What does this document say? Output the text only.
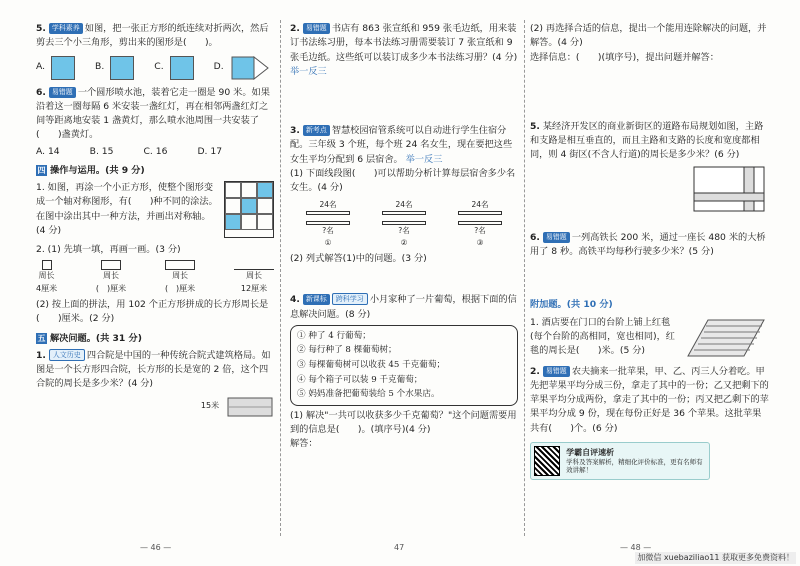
5. 学科素养 如图，把一张正方形的纸连续对折两次，然后剪去三个小三角形，剪出来的图形是(　　)。

A.	B.	C.	D.

6. 易错题 一个圆形喷水池，装着它走一圈是 90 米。如果沿着这一圈每隔 6 米安装一盏红灯，再在相邻两盏红灯之间等距离地安装 1 盏黄灯，那么喷水池周围一共安装了(　　)盏黄灯。

A. 14	B. 15	C. 16	D. 17
四 操作与运用。(共 9 分)

1. 如图，再涂一个小正方形，使整个图形变成一个轴对称图形，有(　　)种不同的涂法。在图中涂出其中一种方法，并画出对称轴。(4 分)

2. (1) 先填一填，再画一画。(3 分)

周长
4厘米
周长
(　)厘米
周长
(　)厘米
周长
12厘米

(2) 按上面的拼法，用 102 个正方形拼成的长方形周长是(　　)厘米。(2 分)

五 解决问题。(共 31 分)

1. 人文历史 四合院是中国的一种传统合院式建筑格局。如图是一个长方形四合院，长方形的长是宽的 2 倍，这个四合院的周长是多少米？(4 分)

15米

2. 易错题 书店有 863 张宣纸和 959 张毛边纸，用来装订书法练习册，每本书法练习册需要装订 7 张宣纸和 9 张毛边纸。这些纸可以装订成多少本书法练习册？(4 分) 举一反三

3. 新考点 智慧校园宿管系统可以自动进行学生住宿分配。三年级 3 个班，每个班 24 名女生，现在要把这些女生平均分配到 6 层宿舍。 举一反三

(1) 下面线段图(　　)可以帮助分析计算每层宿舍多少名女生。(4 分)

24名
?名
①
24名
?名
②
24名
?名
③

(2) 列式解答(1)中的问题。(3 分)

4. 新课标 跨科学习 小月家种了一片葡萄，根据下面的信息解决问题。(8 分)

① 种了 4 行葡萄；
② 每行种了 8 棵葡萄树；
③ 每棵葡萄树可以收获 45 千克葡萄；
④ 每个箱子可以装 9 千克葡萄；
⑤ 妈妈准备把葡萄装给 5 个水果店。

(1) 解决"一共可以收获多少千克葡萄？"这个问题需要用到的信息是(　　)。(填序号)(4 分)

解答：

(2) 再选择合适的信息，提出一个能用连除解决的问题，并解答。(4 分)

选择信息：(　　)(填序号)，提出问题并解答：

5. 某经济开发区的商业新街区的道路布局规划如图，主路和支路是相互垂直的，而且主路和支路的长度和宽度都相同，则 4 街区(不含人行道)的周长是多少米？(6 分)

6. 易错题 一列高铁长 200 米，通过一座长 480 米的大桥用了 8 秒。高铁平均每秒行驶多少米？(5 分)

附加题。(共 10 分)

1. 酒店要在门口的台阶上铺上红毯(每个台阶的高相同，宽也相同)，红毯的周长是(　　)米。(5 分)

2. 易错题 农夫摘来一批苹果，甲、乙、丙三人分着吃。甲先把苹果平均分成三份，拿走了其中的一份；乙又把剩下的苹果平均分成两份，拿走了其中的一份；丙又把乙剩下的苹果平均分成 9 份，现在每份正好是 36 个苹果。这批苹果共有(　　)个。(6 分)

学霸自评速析
学科及答案解析，精细化评价标准，更有名师有效讲解！
— 46 —	47	— 48 —
加微信 xuebaziliao11 获取更多免费资料！
